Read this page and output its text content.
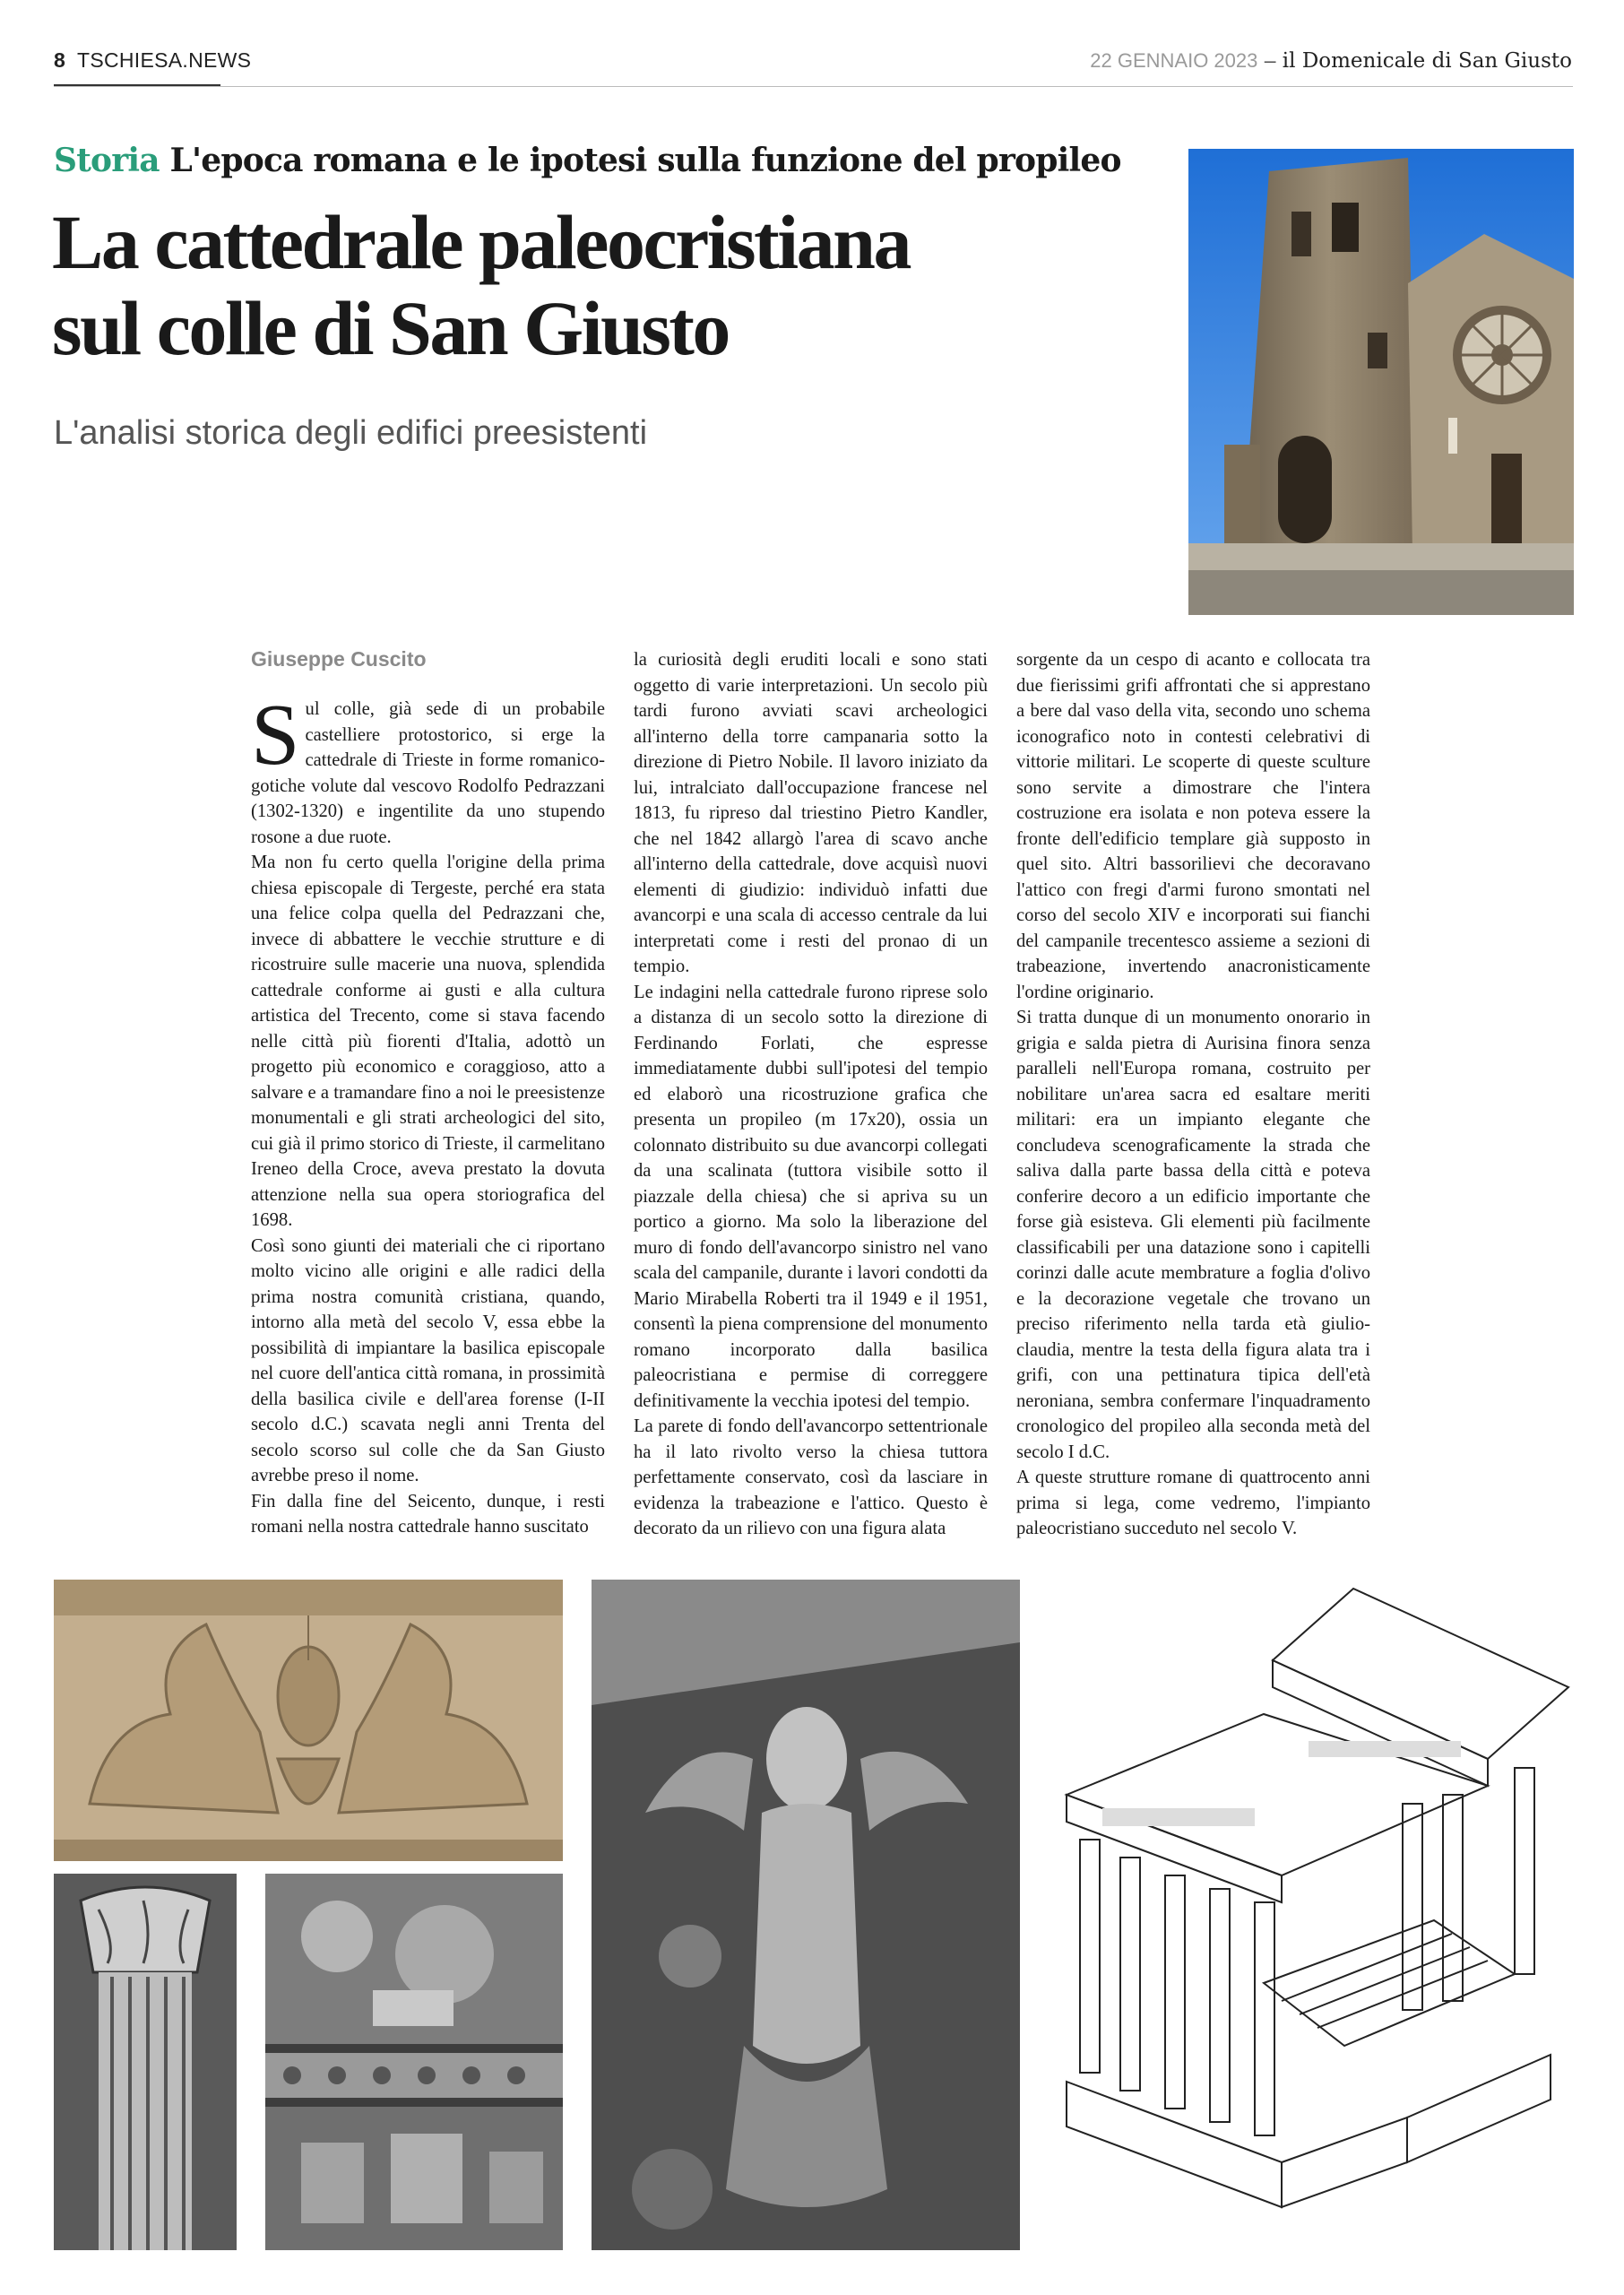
8 TSCHIESA.NEWS	22 GENNAIO 2023 – il Domenicale di San Giusto
Storia L'epoca romana e le ipotesi sulla funzione del propileo
La cattedrale paleocristiana
sul colle di San Giusto
L'analisi storica degli edifici preesistenti
Giuseppe Cuscito

Sul colle, già sede di un probabile castelliere protostorico, si erge la cattedrale di Trieste in forme romanico-gotiche volute dal vescovo Rodolfo Pedrazzani (1302-1320) e ingentilite da uno stupendo rosone a due ruote.

Ma non fu certo quella l'origine della prima chiesa episcopale di Tergeste, perché era stata una felice colpa quella del Pedrazzani che, invece di abbattere le vecchie strutture e di ricostruire sulle macerie una nuova, splendida cattedrale conforme ai gusti e alla cultura artistica del Trecento, come si stava facendo nelle città più fiorenti d'Italia, adottò un progetto più economico e coraggioso, atto a salvare e a tramandare fino a noi le preesistenze monumentali e gli strati archeologici del sito, cui già il primo storico di Trieste, il carmelitano Ireneo della Croce, aveva prestato la dovuta attenzione nella sua opera storiografica del 1698.

Così sono giunti dei materiali che ci riportano molto vicino alle origini e alle radici della prima nostra comunità cristiana, quando, intorno alla metà del secolo V, essa ebbe la possibilità di impiantare la basilica episcopale nel cuore dell'antica città romana, in prossimità della basilica civile e dell'area forense (I-II secolo d.C.) scavata negli anni Trenta del secolo scorso sul colle che da San Giusto avrebbe preso il nome.

Fin dalla fine del Seicento, dunque, i resti romani nella nostra cattedrale hanno suscitato

la curiosità degli eruditi locali e sono stati oggetto di varie interpretazioni. Un secolo più tardi furono avviati scavi archeologici all'interno della torre campanaria sotto la direzione di Pietro Nobile. Il lavoro iniziato da lui, intralciato dall'occupazione francese nel 1813, fu ripreso dal triestino Pietro Kandler, che nel 1842 allargò l'area di scavo anche all'interno della cattedrale, dove acquisì nuovi elementi di giudizio: individuò infatti due avancorpi e una scala di accesso centrale da lui interpretati come i resti del pronao di un tempio.

Le indagini nella cattedrale furono riprese solo a distanza di un secolo sotto la direzione di Ferdinando Forlati, che espresse immediatamente dubbi sull'ipotesi del tempio ed elaborò una ricostruzione grafica che presenta un propileo (m 17x20), ossia un colonnato distribuito su due avancorpi collegati da una scalinata (tuttora visibile sotto il piazzale della chiesa) che si apriva su un portico a giorno. Ma solo la liberazione del muro di fondo dell'avancorpo sinistro nel vano scala del campanile, durante i lavori condotti da Mario Mirabella Roberti tra il 1949 e il 1951, consentì la piena comprensione del monumento romano incorporato dalla basilica paleocristiana e permise di correggere definitivamente la vecchia ipotesi del tempio.

La parete di fondo dell'avancorpo settentrionale ha il lato rivolto verso la chiesa tuttora perfettamente conservato, così da lasciare in evidenza la trabeazione e l'attico. Questo è decorato da un rilievo con una figura alata

sorgente da un cespo di acanto e collocata tra due fierissimi grifi affrontati che si apprestano a bere dal vaso della vita, secondo uno schema iconografico noto in contesti celebrativi di vittorie militari. Le scoperte di queste sculture sono servite a dimostrare che l'intera costruzione era isolata e non poteva essere la fronte dell'edificio templare già supposto in quel sito. Altri bassorilievi che decoravano l'attico con fregi d'armi furono smontati nel corso del secolo XIV e incorporati sui fianchi del campanile trecentesco assieme a sezioni di trabeazione, invertendo anacronisticamente l'ordine originario.

Si tratta dunque di un monumento onorario in grigia e salda pietra di Aurisina finora senza paralleli nell'Europa romana, costruito per nobilitare un'area sacra ed esaltare meriti militari: era un impianto elegante che concludeva scenograficamente la strada che saliva dalla parte bassa della città e poteva conferire decoro a un edificio importante che forse già esisteva. Gli elementi più facilmente classificabili per una datazione sono i capitelli corinzi dalle acute membrature a foglia d'olivo e la decorazione vegetale che trovano un preciso riferimento nella tarda età giulio-claudia, mentre la testa della figura alata tra i grifi, con una pettinatura tipica dell'età neroniana, sembra confermare l'inquadramento cronologico del propileo alla seconda metà del secolo I d.C.

A queste strutture romane di quattrocento anni prima si lega, come vedremo, l'impianto paleocristiano succeduto nel secolo V.
